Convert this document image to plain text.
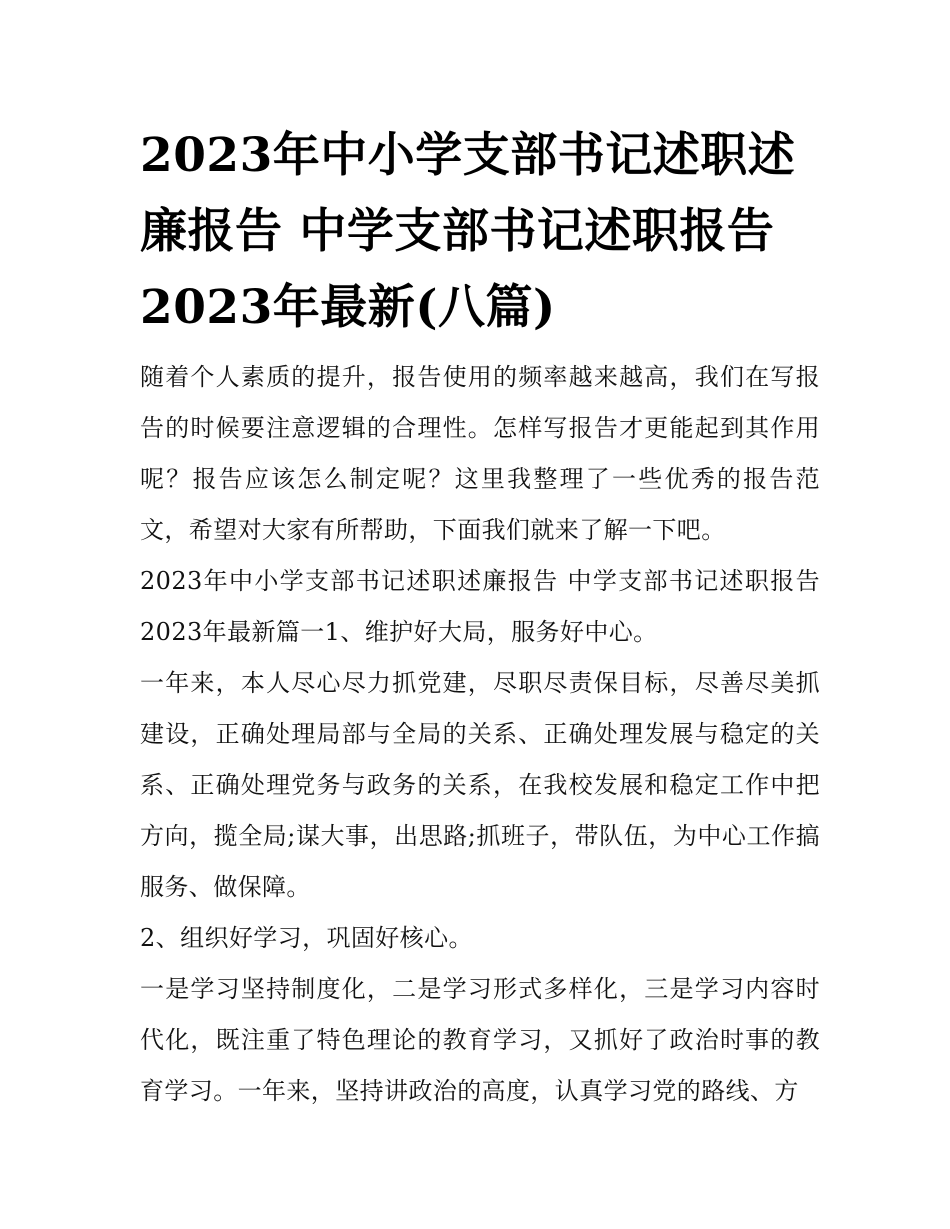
2023年中小学支部书记述职述廉报告 中学支部书记述职报告2023年最新(八篇)

随着个人素质的提升，报告使用的频率越来越高，我们在写报告的时候要注意逻辑的合理性。怎样写报告才更能起到其作用呢？报告应该怎么制定呢？这里我整理了一些优秀的报告范文，希望对大家有所帮助，下面我们就来了解一下吧。

2023年中小学支部书记述职述廉报告 中学支部书记述职报告2023年最新篇一1、维护好大局，服务好中心。

一年来，本人尽心尽力抓党建，尽职尽责保目标，尽善尽美抓建设，正确处理局部与全局的关系、正确处理发展与稳定的关系、正确处理党务与政务的关系，在我校发展和稳定工作中把方向，揽全局;谋大事，出思路;抓班子，带队伍，为中心工作搞服务、做保障。

2、组织好学习，巩固好核心。

一是学习坚持制度化，二是学习形式多样化，三是学习内容时代化，既注重了特色理论的教育学习，又抓好了政治时事的教育学习。一年来，坚持讲政治的高度，认真学习党的路线、方
